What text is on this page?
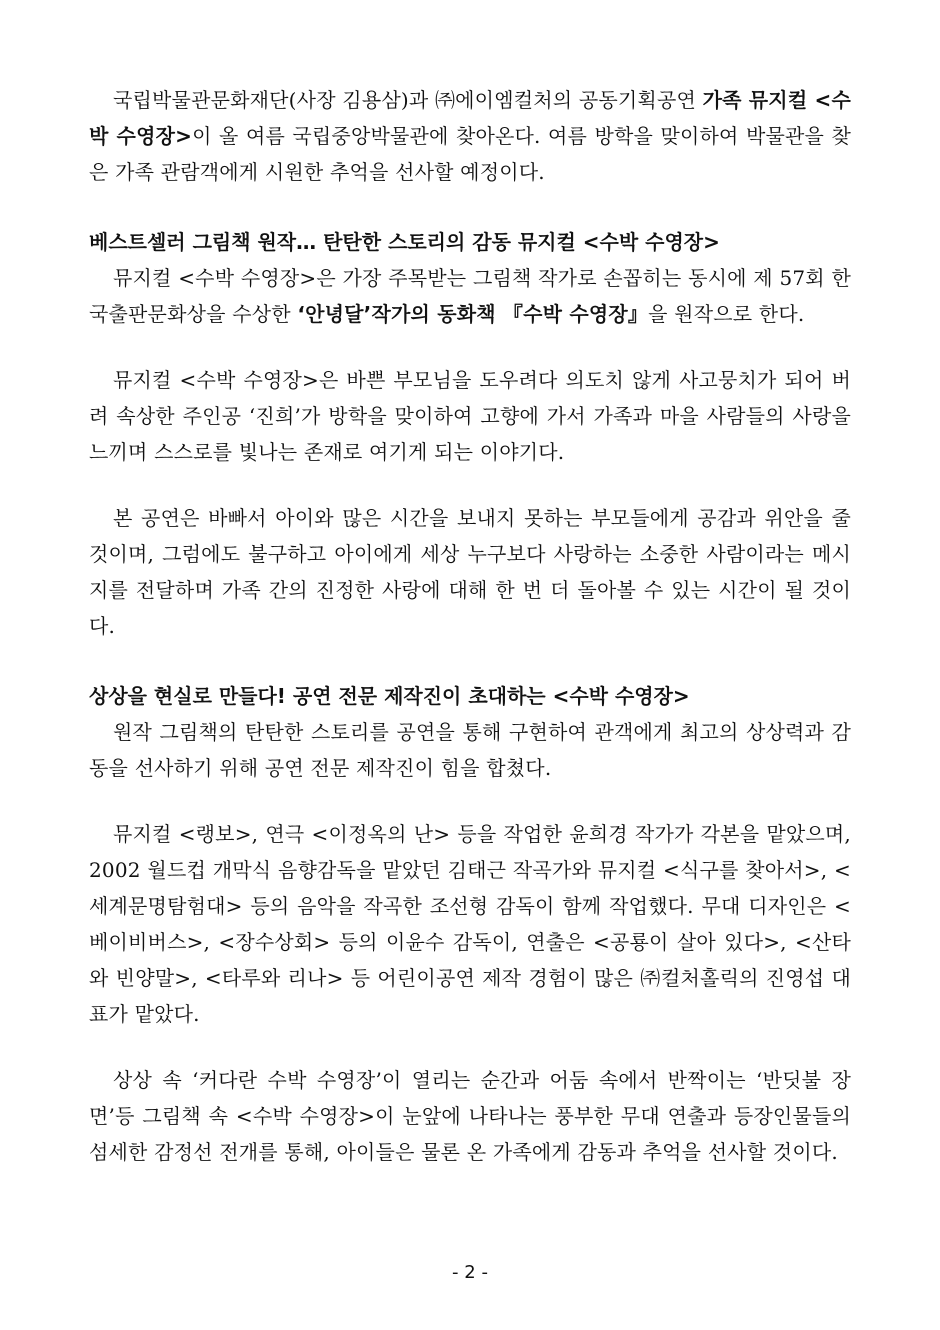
국립박물관문화재단(사장 김용삼)과 ㈜에이엠컬처의 공동기획공연 가족 뮤지컬 <수박 수영장>이 올 여름 국립중앙박물관에 찾아온다. 여름 방학을 맞이하여 박물관을 찾은 가족 관람객에게 시원한 추억을 선사할 예정이다.

베스트셀러 그림책 원작… 탄탄한 스토리의 감동 뮤지컬 <수박 수영장>

뮤지컬 <수박 수영장>은 가장 주목받는 그림책 작가로 손꼽히는 동시에 제 57회 한국출판문화상을 수상한 ‘안녕달’작가의 동화책 『수박 수영장』을 원작으로 한다.

뮤지컬 <수박 수영장>은 바쁜 부모님을 도우려다 의도치 않게 사고뭉치가 되어 버려 속상한 주인공 ‘진희’가 방학을 맞이하여 고향에 가서 가족과 마을 사람들의 사랑을 느끼며 스스로를 빛나는 존재로 여기게 되는 이야기다.

본 공연은 바빠서 아이와 많은 시간을 보내지 못하는 부모들에게 공감과 위안을 줄 것이며, 그럼에도 불구하고 아이에게 세상 누구보다 사랑하는 소중한 사람이라는 메시지를 전달하며 가족 간의 진정한 사랑에 대해 한 번 더 돌아볼 수 있는 시간이 될 것이다.

상상을 현실로 만들다! 공연 전문 제작진이 초대하는 <수박 수영장>

원작 그림책의 탄탄한 스토리를 공연을 통해 구현하여 관객에게 최고의 상상력과 감동을 선사하기 위해 공연 전문 제작진이 힘을 합쳤다.

뮤지컬 <랭보>, 연극 <이정옥의 난> 등을 작업한 윤희경 작가가 각본을 맡았으며, 2002 월드컵 개막식 음향감독을 맡았던 김태근 작곡가와 뮤지컬 <식구를 찾아서>, <세계문명탐험대> 등의 음악을 작곡한 조선형 감독이 함께 작업했다. 무대 디자인은 <베이비버스>, <장수상회> 등의 이윤수 감독이, 연출은 <공룡이 살아 있다>, <산타와 빈양말>, <타루와 리나> 등 어린이공연 제작 경험이 많은 ㈜컬처홀릭의 진영섭 대표가 맡았다.

상상 속 ‘커다란 수박 수영장’이 열리는 순간과 어둠 속에서 반짝이는 ‘반딧불 장면’등 그림책 속 <수박 수영장>이 눈앞에 나타나는 풍부한 무대 연출과 등장인물들의 섬세한 감정선 전개를 통해, 아이들은 물론 온 가족에게 감동과 추억을 선사할 것이다.

- 2 -
